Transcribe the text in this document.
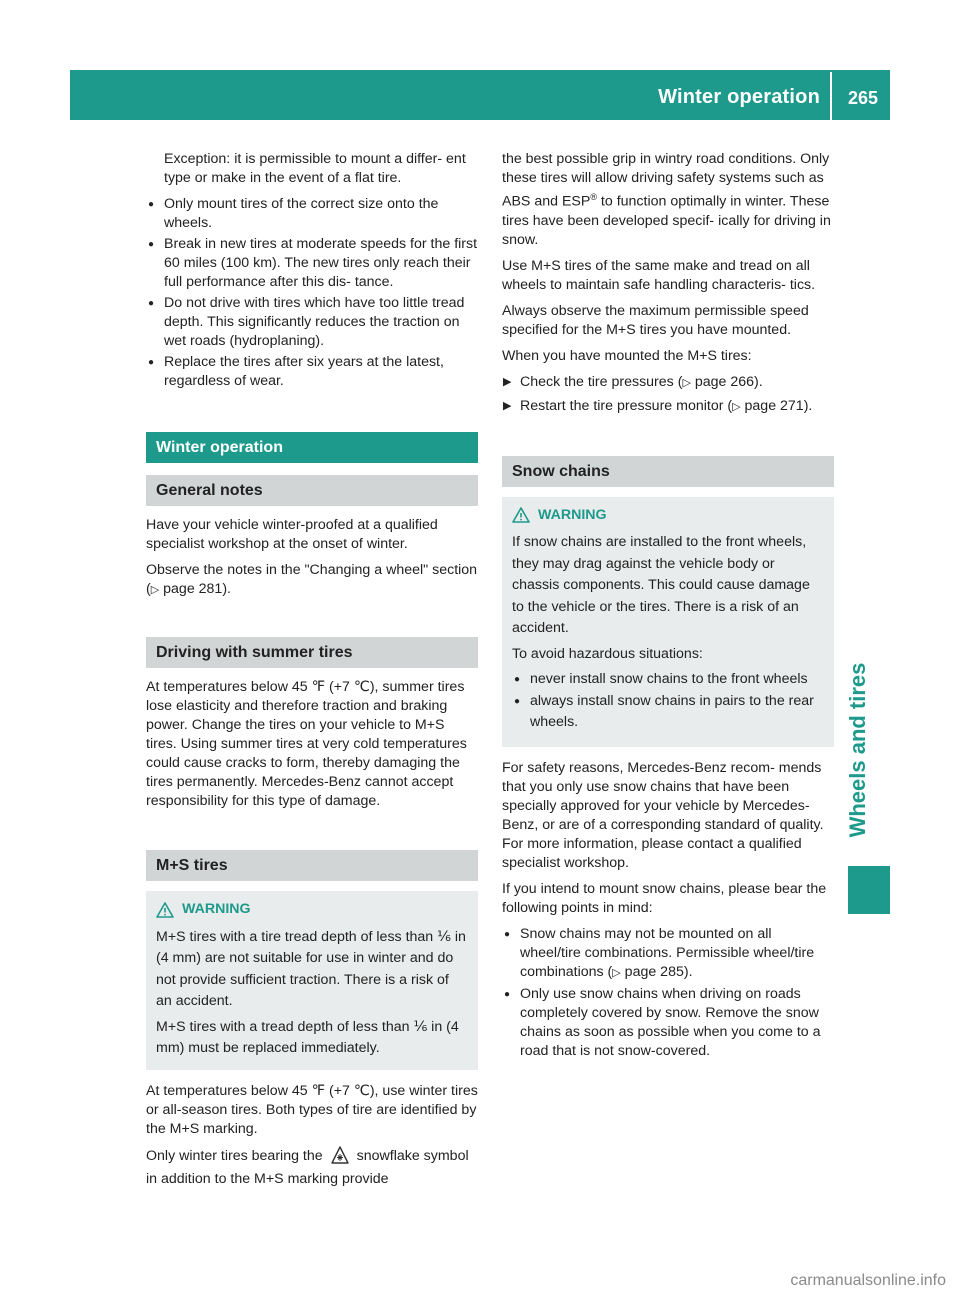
Winter operation 265
Wheels and tires

Exception: it is permissible to mount a differ- ent type or make in the event of a flat tire.

● Only mount tires of the correct size onto the wheels.
● Break in new tires at moderate speeds for the first 60 miles (100 km). The new tires only reach their full performance after this dis- tance.
● Do not drive with tires which have too little tread depth. This significantly reduces the traction on wet roads (hydroplaning).
● Replace the tires after six years at the latest, regardless of wear.
Winter operation
General notes

Have your vehicle winter-proofed at a qualified specialist workshop at the onset of winter.

Observe the notes in the "Changing a wheel" section (▷ page 281).

Driving with summer tires

At temperatures below 45 ℉ (+7 ℃), summer tires lose elasticity and therefore traction and braking power. Change the tires on your vehicle to M+S tires. Using summer tires at very cold temperatures could cause cracks to form, thereby damaging the tires permanently. Mercedes-Benz cannot accept responsibility for this type of damage.

M+S tires
WARNING

M+S tires with a tire tread depth of less than ⅙ in (4 mm) are not suitable for use in winter and do not provide sufficient traction. There is a risk of an accident.

M+S tires with a tread depth of less than ⅙ in (4 mm) must be replaced immediately.

At temperatures below 45 ℉ (+7 ℃), use winter tires or all-season tires. Both types of tire are identified by the M+S marking.

Only winter tires bearing the snowflake symbol in addition to the M+S marking provide

the best possible grip in wintry road conditions. Only these tires will allow driving safety systems such as ABS and ESP® to function optimally in winter. These tires have been developed specif- ically for driving in snow.

Use M+S tires of the same make and tread on all wheels to maintain safe handling characteris- tics.

Always observe the maximum permissible speed specified for the M+S tires you have mounted.

When you have mounted the M+S tires:

▶ Check the tire pressures (▷ page 266).
▶ Restart the tire pressure monitor (▷ page 271).
Snow chains
WARNING

If snow chains are installed to the front wheels, they may drag against the vehicle body or chassis components. This could cause damage to the vehicle or the tires. There is a risk of an accident.

To avoid hazardous situations:

● never install snow chains to the front wheels
● always install snow chains in pairs to the rear wheels.

For safety reasons, Mercedes-Benz recom- mends that you only use snow chains that have been specially approved for your vehicle by Mercedes-Benz, or are of a corresponding standard of quality. For more information, please contact a qualified specialist workshop.

If you intend to mount snow chains, please bear the following points in mind:

● Snow chains may not be mounted on all wheel/tire combinations. Permissible wheel/tire combinations (▷ page 285).
● Only use snow chains when driving on roads completely covered by snow. Remove the snow chains as soon as possible when you come to a road that is not snow-covered.
carmanualsonline.info
